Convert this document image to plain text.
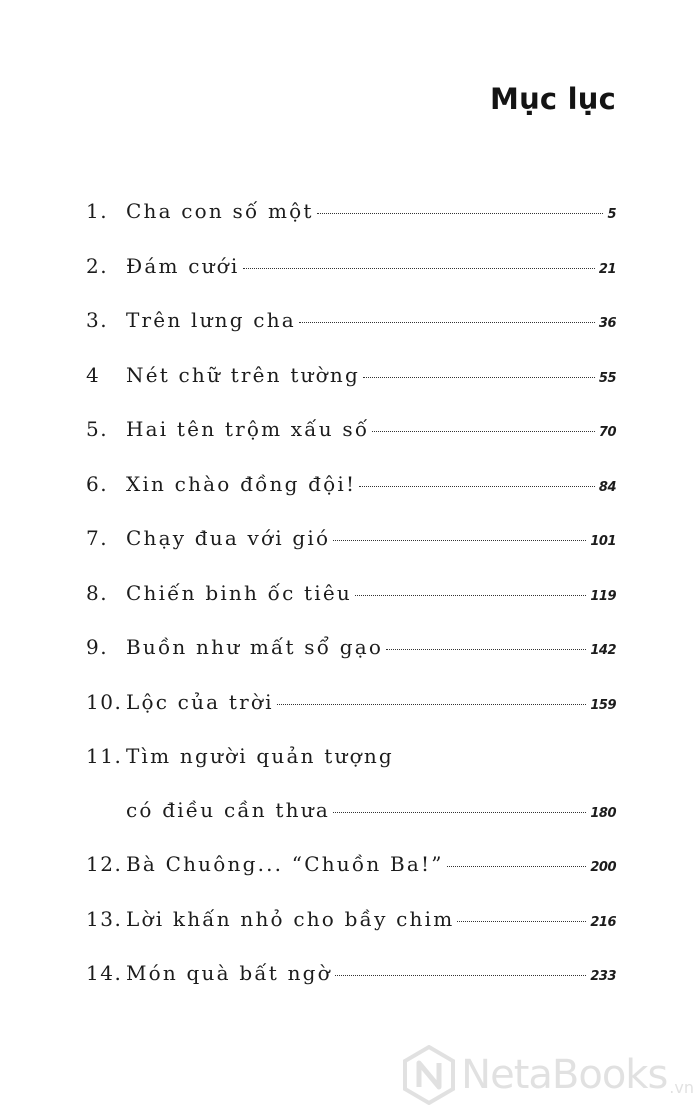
Mục lục
1. Cha con số một	5
2. Đám cưới	21
3. Trên lưng cha	36
4	Nét chữ trên tường	55
5. Hai tên trộm xấu số	70
6. Xin chào đồng đội!	84
7. Chạy đua với gió	101
8. Chiến binh ốc tiêu	119
9. Buồn như mất sổ gạo	142
10. Lộc của trời	159
11. Tìm người quản tượng
có điều cần thưa	180
12. Bà Chuông... “Chuồn Ba!”	200
13. Lời khấn nhỏ cho bầy chim	216
14. Món quà bất ngờ	233
NetaBooks .vn
